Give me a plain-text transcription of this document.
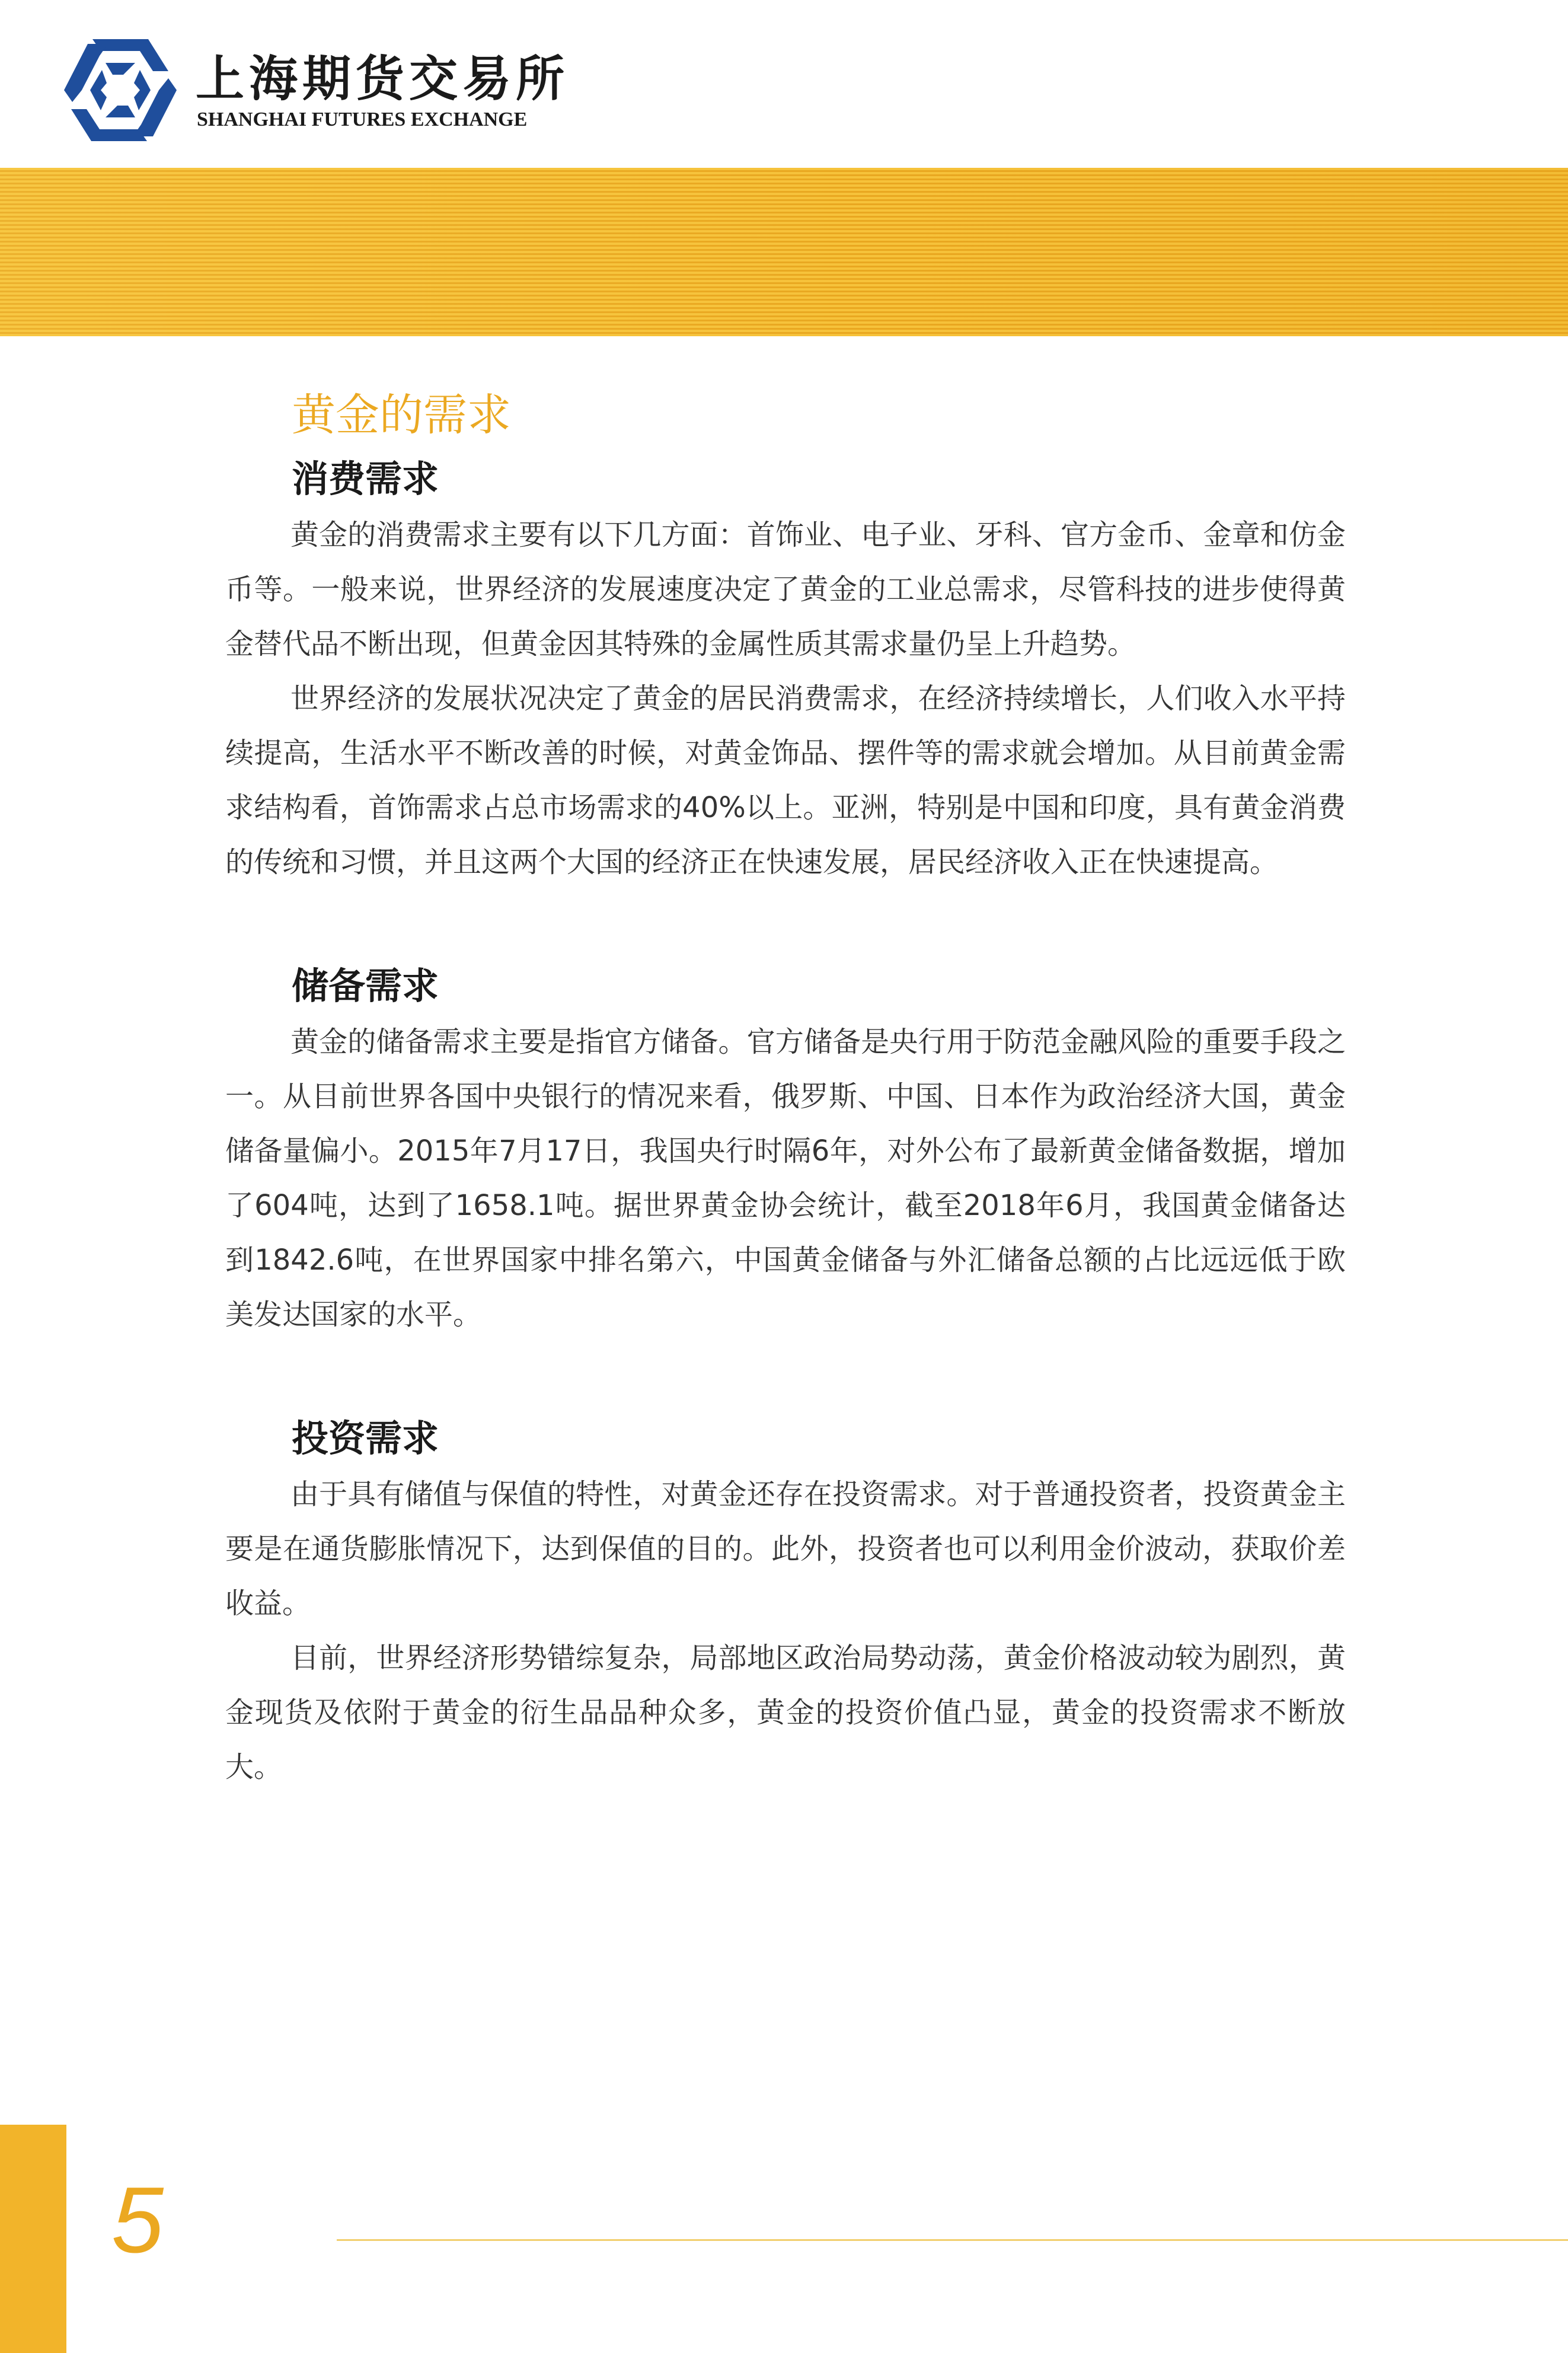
上海期货交易所
SHANGHAI FUTURES EXCHANGE
黄金的需求
消费需求

黄金的消费需求主要有以下几方面：首饰业、电子业、牙科、官方金币、金章和仿金币等。一般来说，世界经济的发展速度决定了黄金的工业总需求，尽管科技的进步使得黄金替代品不断出现，但黄金因其特殊的金属性质其需求量仍呈上升趋势。

世界经济的发展状况决定了黄金的居民消费需求，在经济持续增长，人们收入水平持续提高，生活水平不断改善的时候，对黄金饰品、摆件等的需求就会增加。从目前黄金需求结构看，首饰需求占总市场需求的40%以上。亚洲，特别是中国和印度，具有黄金消费的传统和习惯，并且这两个大国的经济正在快速发展，居民经济收入正在快速提高。

储备需求

黄金的储备需求主要是指官方储备。官方储备是央行用于防范金融风险的重要手段之一。从目前世界各国中央银行的情况来看，俄罗斯、中国、日本作为政治经济大国，黄金储备量偏小。2015年7月17日，我国央行时隔6年，对外公布了最新黄金储备数据，增加了604吨，达到了1658.1吨。据世界黄金协会统计，截至2018年6月，我国黄金储备达到1842.6吨，在世界国家中排名第六，中国黄金储备与外汇储备总额的占比远远低于欧美发达国家的水平。

投资需求

由于具有储值与保值的特性，对黄金还存在投资需求。对于普通投资者，投资黄金主要是在通货膨胀情况下，达到保值的目的。此外，投资者也可以利用金价波动，获取价差收益。

目前，世界经济形势错综复杂，局部地区政治局势动荡，黄金价格波动较为剧烈，黄金现货及依附于黄金的衍生品品种众多，黄金的投资价值凸显，黄金的投资需求不断放大。

5
